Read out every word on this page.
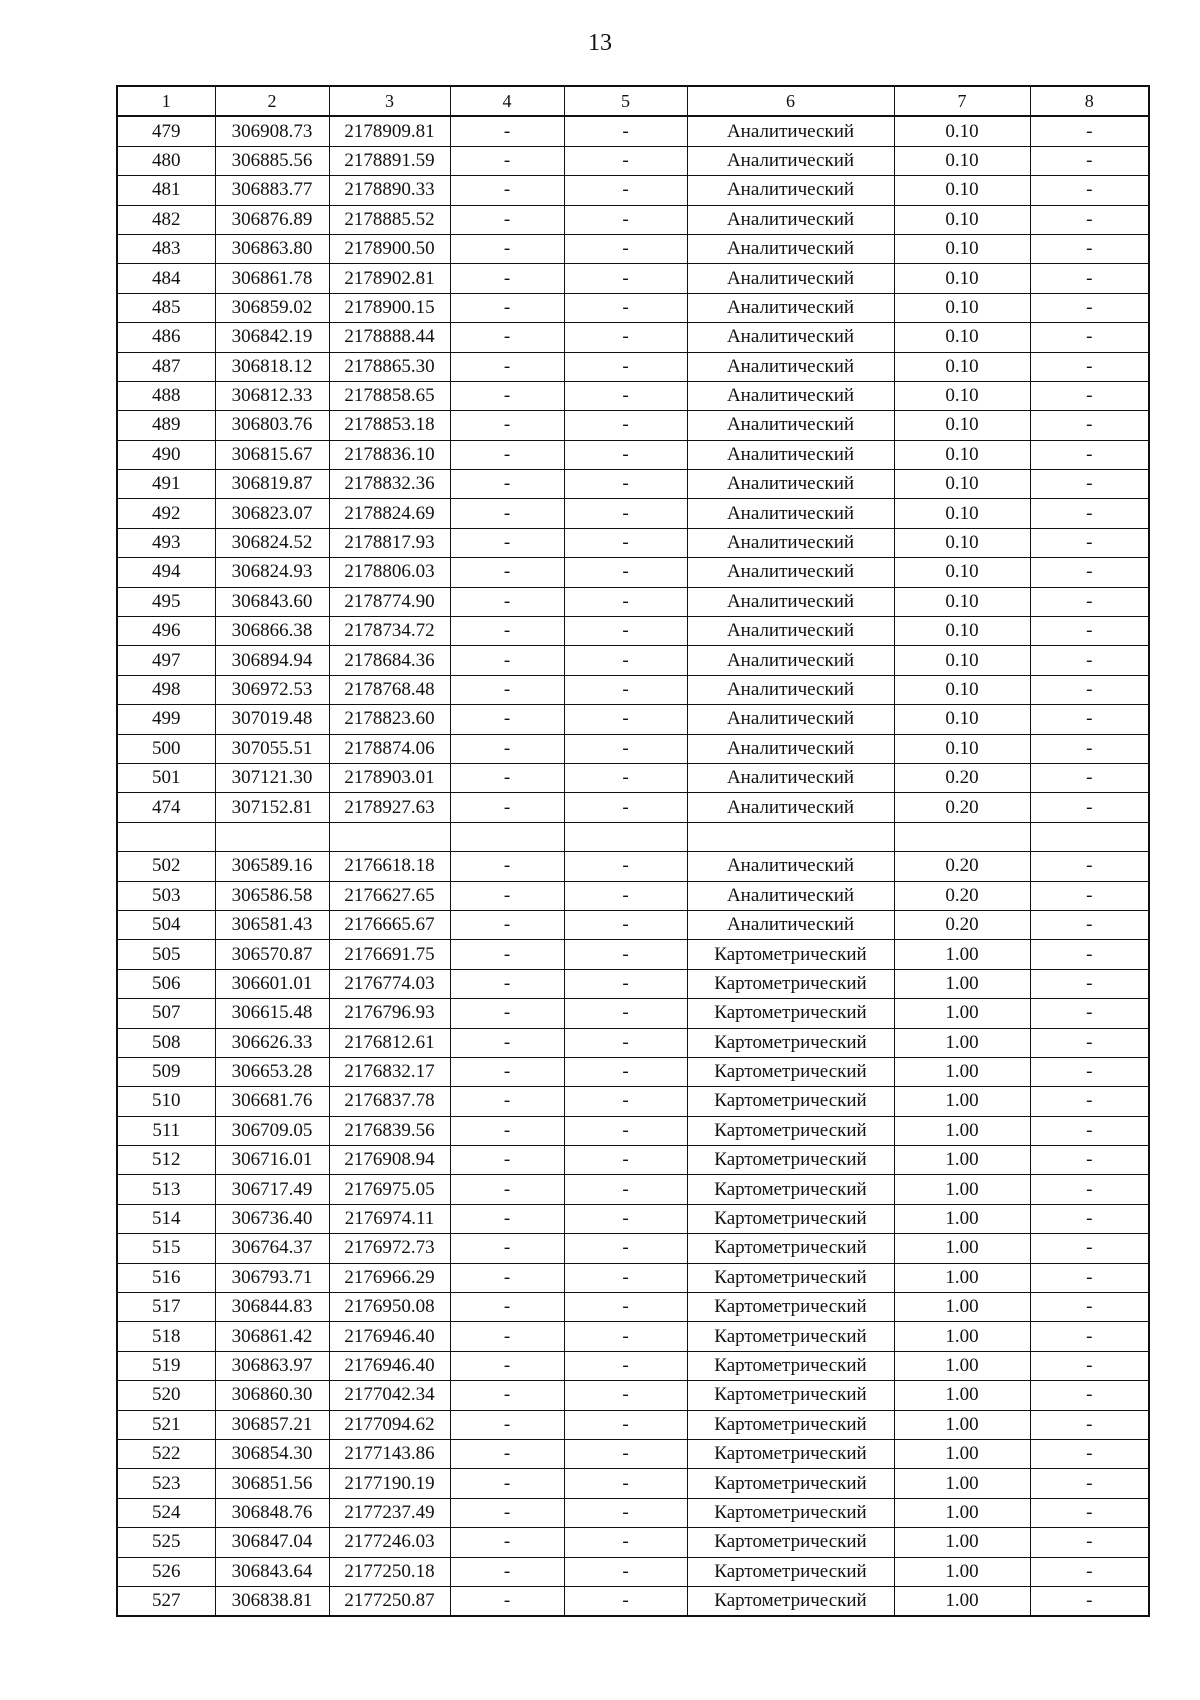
13
1	2	3	4	5	6	7	8
479	306908.73	2178909.81	-	-	Аналитический	0.10	-
480	306885.56	2178891.59	-	-	Аналитический	0.10	-
481	306883.77	2178890.33	-	-	Аналитический	0.10	-
482	306876.89	2178885.52	-	-	Аналитический	0.10	-
483	306863.80	2178900.50	-	-	Аналитический	0.10	-
484	306861.78	2178902.81	-	-	Аналитический	0.10	-
485	306859.02	2178900.15	-	-	Аналитический	0.10	-
486	306842.19	2178888.44	-	-	Аналитический	0.10	-
487	306818.12	2178865.30	-	-	Аналитический	0.10	-
488	306812.33	2178858.65	-	-	Аналитический	0.10	-
489	306803.76	2178853.18	-	-	Аналитический	0.10	-
490	306815.67	2178836.10	-	-	Аналитический	0.10	-
491	306819.87	2178832.36	-	-	Аналитический	0.10	-
492	306823.07	2178824.69	-	-	Аналитический	0.10	-
493	306824.52	2178817.93	-	-	Аналитический	0.10	-
494	306824.93	2178806.03	-	-	Аналитический	0.10	-
495	306843.60	2178774.90	-	-	Аналитический	0.10	-
496	306866.38	2178734.72	-	-	Аналитический	0.10	-
497	306894.94	2178684.36	-	-	Аналитический	0.10	-
498	306972.53	2178768.48	-	-	Аналитический	0.10	-
499	307019.48	2178823.60	-	-	Аналитический	0.10	-
500	307055.51	2178874.06	-	-	Аналитический	0.10	-
501	307121.30	2178903.01	-	-	Аналитический	0.20	-
474	307152.81	2178927.63	-	-	Аналитический	0.20	-

502	306589.16	2176618.18	-	-	Аналитический	0.20	-
503	306586.58	2176627.65	-	-	Аналитический	0.20	-
504	306581.43	2176665.67	-	-	Аналитический	0.20	-
505	306570.87	2176691.75	-	-	Картометрический	1.00	-
506	306601.01	2176774.03	-	-	Картометрический	1.00	-
507	306615.48	2176796.93	-	-	Картометрический	1.00	-
508	306626.33	2176812.61	-	-	Картометрический	1.00	-
509	306653.28	2176832.17	-	-	Картометрический	1.00	-
510	306681.76	2176837.78	-	-	Картометрический	1.00	-
511	306709.05	2176839.56	-	-	Картометрический	1.00	-
512	306716.01	2176908.94	-	-	Картометрический	1.00	-
513	306717.49	2176975.05	-	-	Картометрический	1.00	-
514	306736.40	2176974.11	-	-	Картометрический	1.00	-
515	306764.37	2176972.73	-	-	Картометрический	1.00	-
516	306793.71	2176966.29	-	-	Картометрический	1.00	-
517	306844.83	2176950.08	-	-	Картометрический	1.00	-
518	306861.42	2176946.40	-	-	Картометрический	1.00	-
519	306863.97	2176946.40	-	-	Картометрический	1.00	-
520	306860.30	2177042.34	-	-	Картометрический	1.00	-
521	306857.21	2177094.62	-	-	Картометрический	1.00	-
522	306854.30	2177143.86	-	-	Картометрический	1.00	-
523	306851.56	2177190.19	-	-	Картометрический	1.00	-
524	306848.76	2177237.49	-	-	Картометрический	1.00	-
525	306847.04	2177246.03	-	-	Картометрический	1.00	-
526	306843.64	2177250.18	-	-	Картометрический	1.00	-
527	306838.81	2177250.87	-	-	Картометрический	1.00	-
